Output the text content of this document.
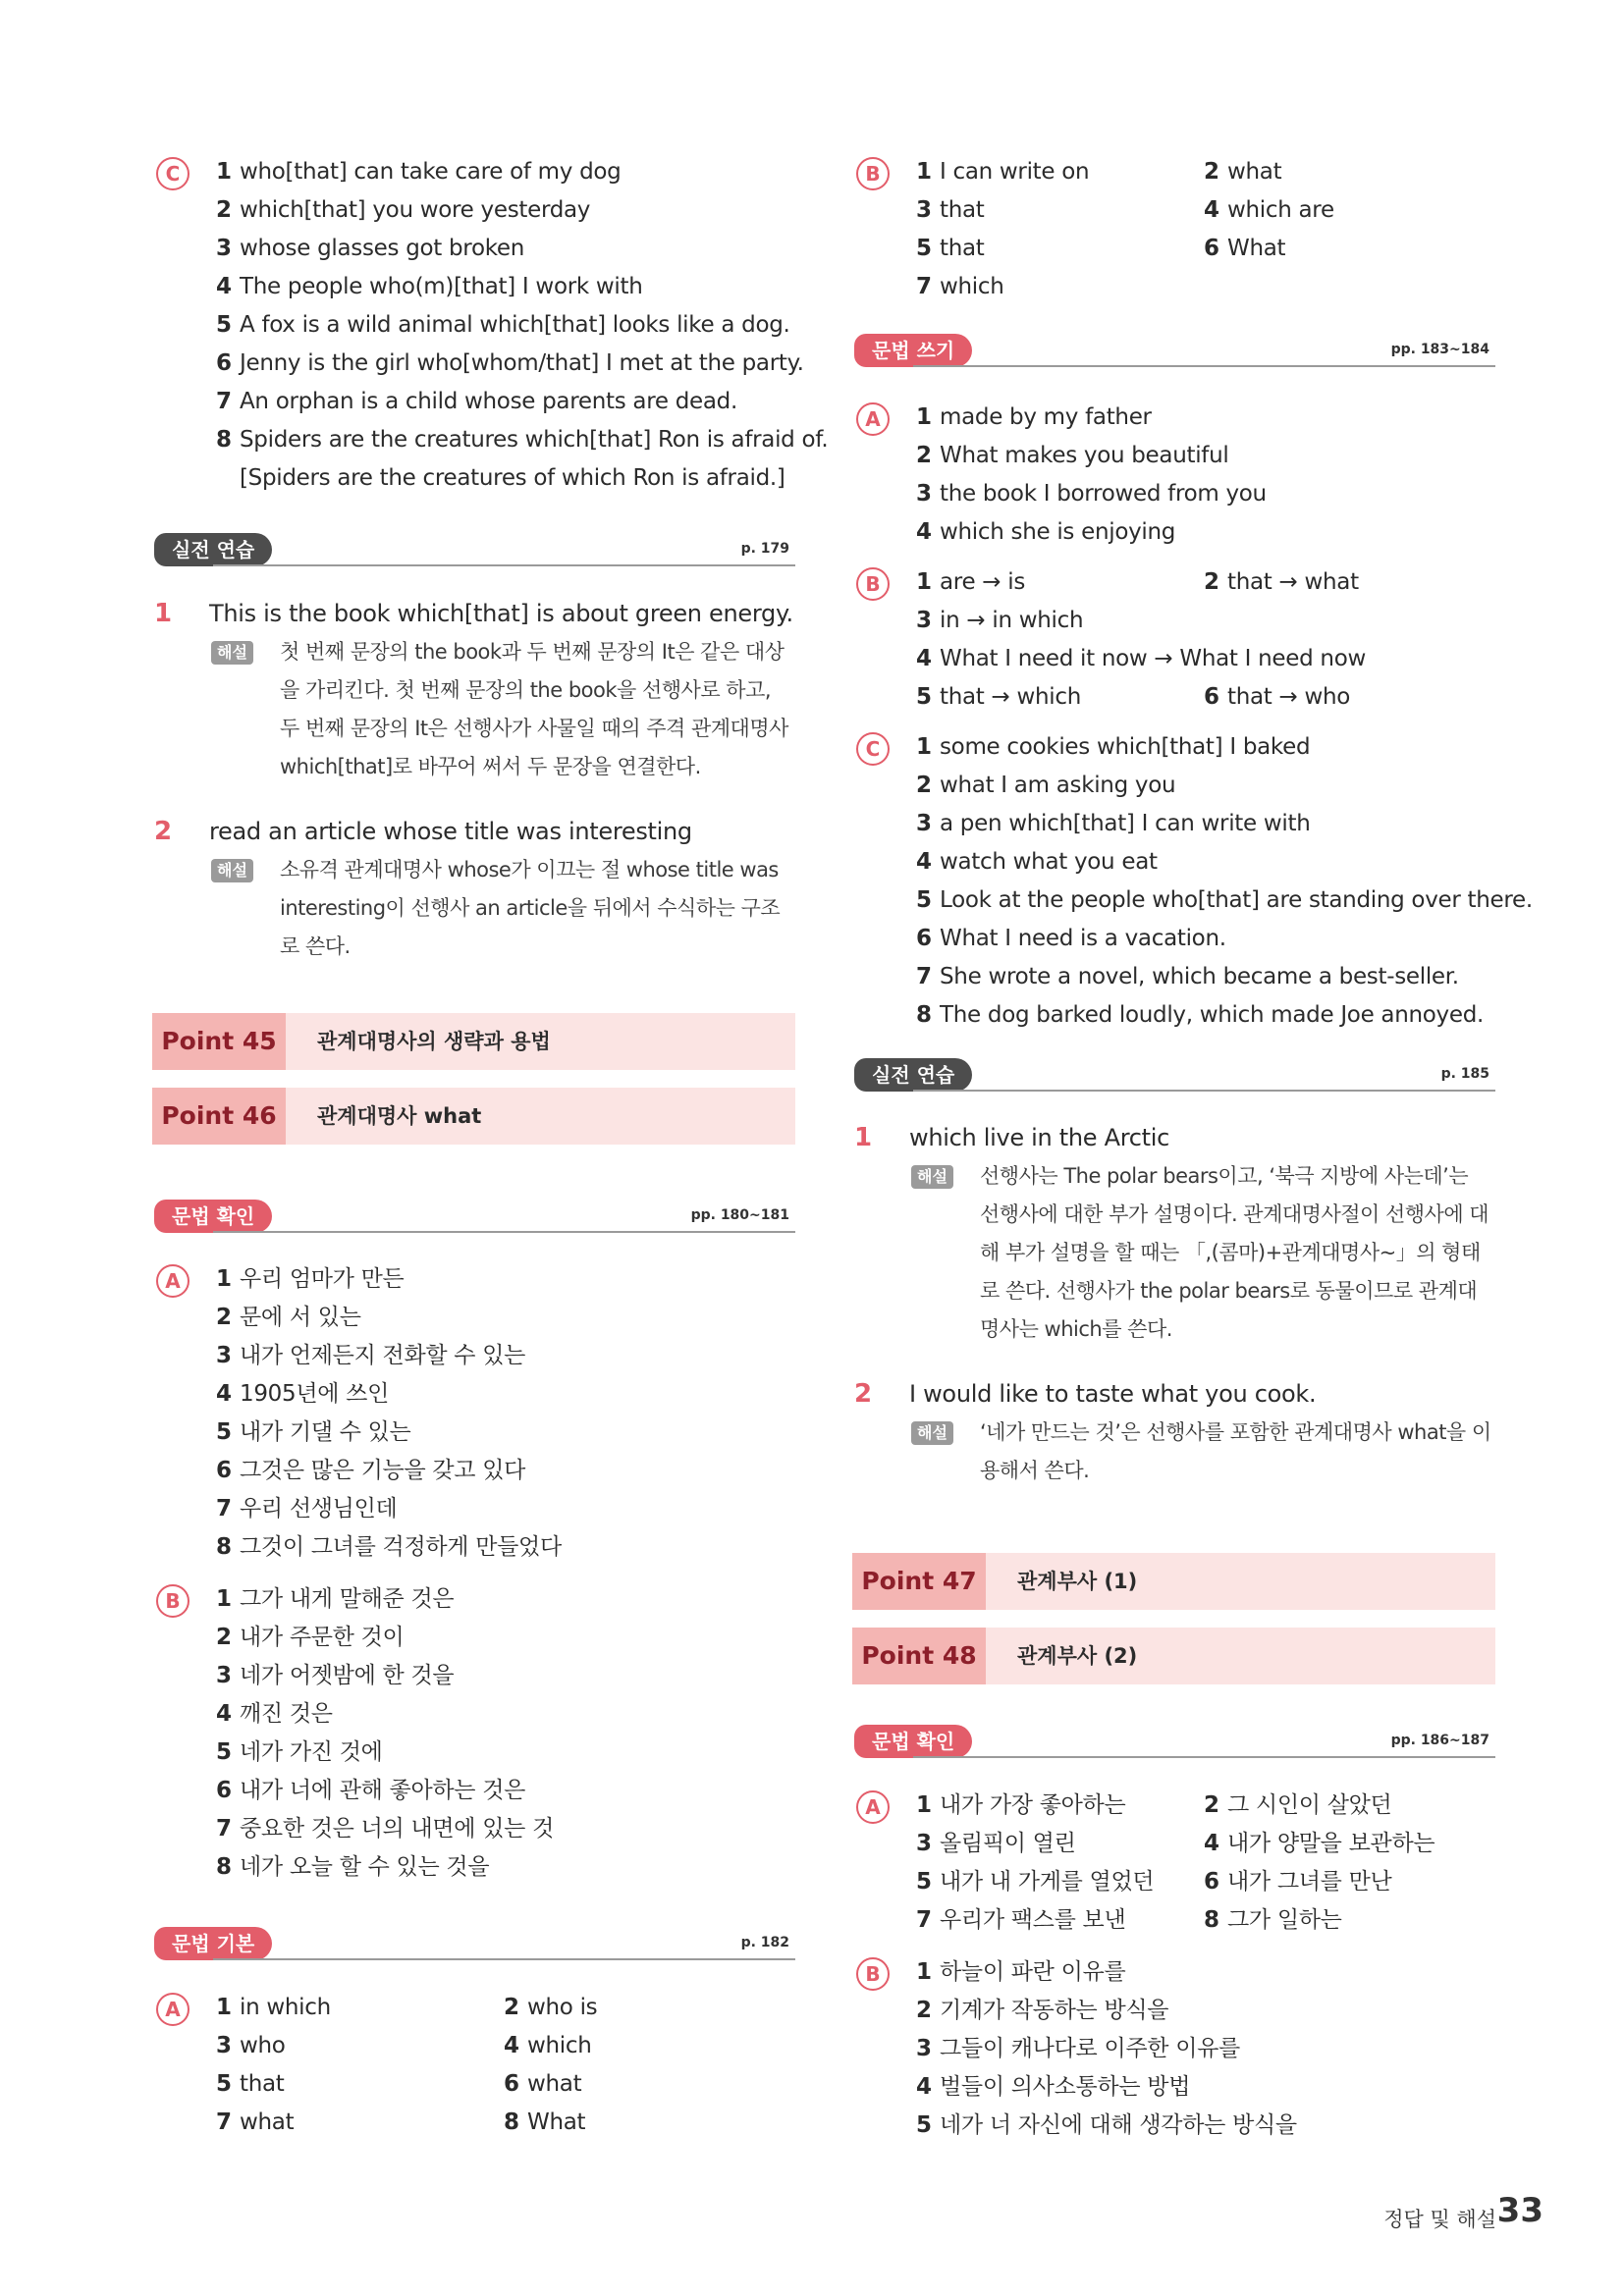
C	1 who[that] can take care of my dog
2 which[that] you wore yesterday
3 whose glasses got broken
4 The people who(m)[that] I work with
5 A fox is a wild animal which[that] looks like a dog.
6 Jenny is the girl who[whom/that] I met at the party.
7 An orphan is a child whose parents are dead.
8 Spiders are the creatures which[that] Ron is afraid of.
[Spiders are the creatures of which Ron is afraid.]
실전 연습	p. 179
1 This is the book which[that] is about green energy.
해설 첫 번째 문장의 the book과 두 번째 문장의 It은 같은 대상을 가리킨다. 첫 번째 문장의 the book을 선행사로 하고, 두 번째 문장의 It은 선행사가 사물일 때의 주격 관계대명사 which[that]로 바꾸어 써서 두 문장을 연결한다.
2 read an article whose title was interesting
해설 소유격 관계대명사 whose가 이끄는 절 whose title was interesting이 선행사 an article을 뒤에서 수식하는 구조로 쓴다.
Point 45	관계대명사의 생략과 용법
Point 46	관계대명사 what
문법 확인	pp. 180~181
A	1 우리 엄마가 만든
2 문에 서 있는
3 내가 언제든지 전화할 수 있는
4 1905년에 쓰인
5 내가 기댈 수 있는
6 그것은 많은 기능을 갖고 있다
7 우리 선생님인데
8 그것이 그녀를 걱정하게 만들었다
B	1 그가 내게 말해준 것은
2 내가 주문한 것이
3 네가 어젯밤에 한 것을
4 깨진 것은
5 네가 가진 것에
6 내가 너에 관해 좋아하는 것은
7 중요한 것은 너의 내면에 있는 것
8 네가 오늘 할 수 있는 것을
문법 기본	p. 182
A	1 in which	2 who is
3 who	4 which
5 that	6 what
7 what	8 What
B	1 I can write on	2 what
3 that	4 which are
5 that	6 What
7 which
문법 쓰기	pp. 183~184
A	1 made by my father
2 What makes you beautiful
3 the book I borrowed from you
4 which she is enjoying
B	1 are → is	2 that → what
3 in → in which
4 What I need it now → What I need now
5 that → which	6 that → who
C	1 some cookies which[that] I baked
2 what I am asking you
3 a pen which[that] I can write with
4 watch what you eat
5 Look at the people who[that] are standing over there.
6 What I need is a vacation.
7 She wrote a novel, which became a best-seller.
8 The dog barked loudly, which made Joe annoyed.
실전 연습	p. 185
1 which live in the Arctic
해설 선행사는 The polar bears이고, ‘북극 지방에 사는데’는 선행사에 대한 부가 설명이다. 관계대명사절이 선행사에 대해 부가 설명을 할 때는 「,(콤마)+관계대명사~」의 형태로 쓴다. 선행사가 the polar bears로 동물이므로 관계대명사는 which를 쓴다.
2 I would like to taste what you cook.
해설 ‘네가 만드는 것’은 선행사를 포함한 관계대명사 what을 이용해서 쓴다.
Point 47	관계부사 (1)
Point 48	관계부사 (2)
문법 확인	pp. 186~187
A	1 내가 가장 좋아하는	2 그 시인이 살았던
3 올림픽이 열린	4 내가 양말을 보관하는
5 내가 내 가게를 열었던 6 내가 그녀를 만난
7 우리가 팩스를 보낸	8 그가 일하는
B	1 하늘이 파란 이유를
2 기계가 작동하는 방식을
3 그들이 캐나다로 이주한 이유를
4 벌들이 의사소통하는 방법
5 네가 너 자신에 대해 생각하는 방식을
정답 및 해설 33
